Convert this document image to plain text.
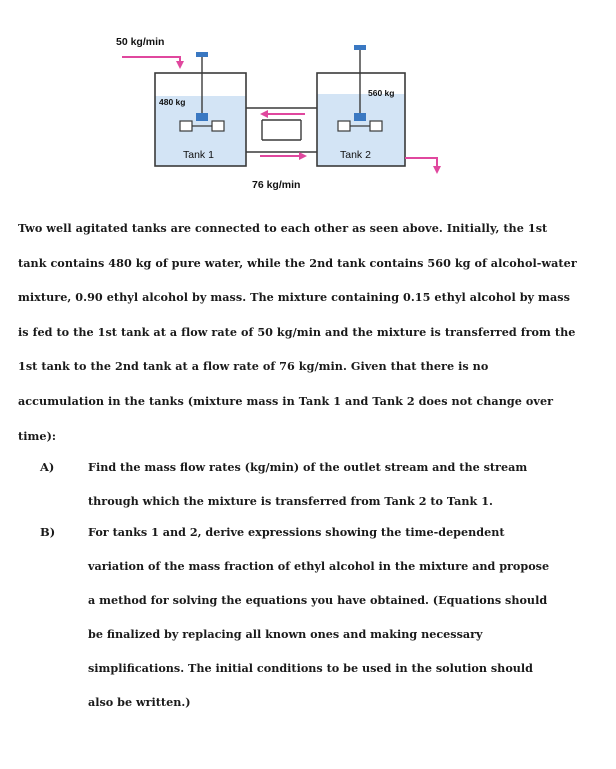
50 kg/min
480 kg
Tank 1
560 kg
Tank 2
76 kg/min

Two well agitated tanks are connected to each other as seen above. Initially, the 1st tank contains 480 kg of pure water, while the 2nd tank contains 560 kg of alcohol-water mixture, 0.90 ethyl alcohol by mass. The mixture containing 0.15 ethyl alcohol by mass is fed to the 1st tank at a flow rate of 50 kg/min and the mixture is transferred from the 1st tank to the 2nd tank at a flow rate of 76 kg/min. Given that there is no accumulation in the tanks (mixture mass in Tank 1 and Tank 2 does not change over time):

A)	Find the mass flow rates (kg/min) of the outlet stream and the stream through which the mixture is transferred from Tank 2 to Tank 1.

B)	For tanks 1 and 2, derive expressions showing the time-dependent variation of the mass fraction of ethyl alcohol in the mixture and propose a method for solving the equations you have obtained. (Equations should be finalized by replacing all known ones and making necessary simplifications. The initial conditions to be used in the solution should also be written.)
